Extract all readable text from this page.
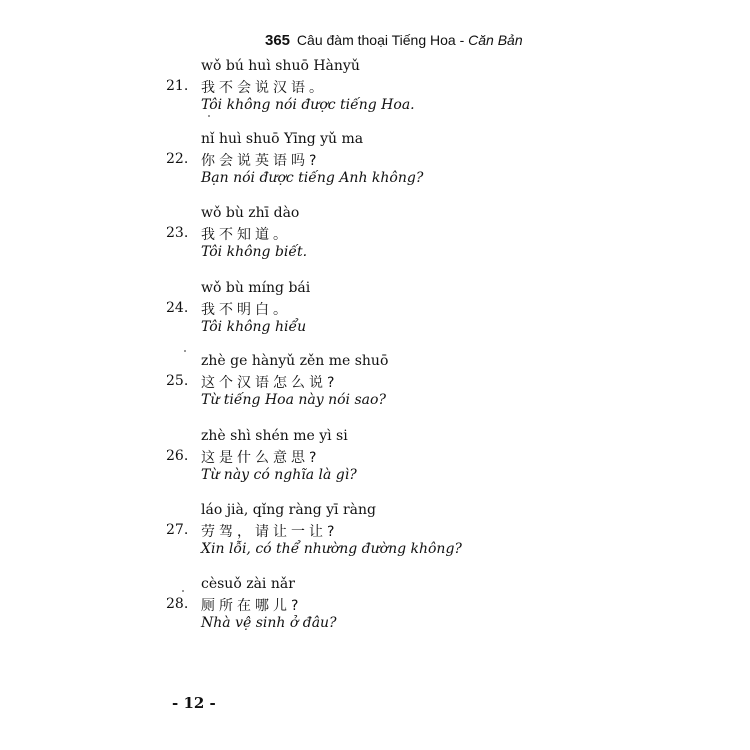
365 Câu đàm thoại Tiếng Hoa - Căn Bản
wǒ bú huì shuō Hànyǔ
21. 我不会说汉语。
Tôi không nói được tiếng Hoa.
nǐ huì shuō Yīng yǔ ma
22. 你会说英语吗?
Bạn nói được tiếng Anh không?
wǒ bù zhī dào
23. 我不知道。
Tôi không biết.
wǒ bù míng bái
24. 我不明白。
Tôi không hiểu
zhè ge hànyǔ zěn me shuō
25. 这个汉语怎么说?
Từ tiếng Hoa này nói sao?
zhè shì shén me yì si
26. 这是什么意思?
Từ này có nghĩa là gì?
láo jià, qǐng ràng yī ràng
27. 劳驾，请让一让?
Xin lỗi, có thể nhường đường không?
cèsuǒ zài nǎr
28. 厕所在哪儿?
Nhà vệ sinh ở đâu?
- 12 -
